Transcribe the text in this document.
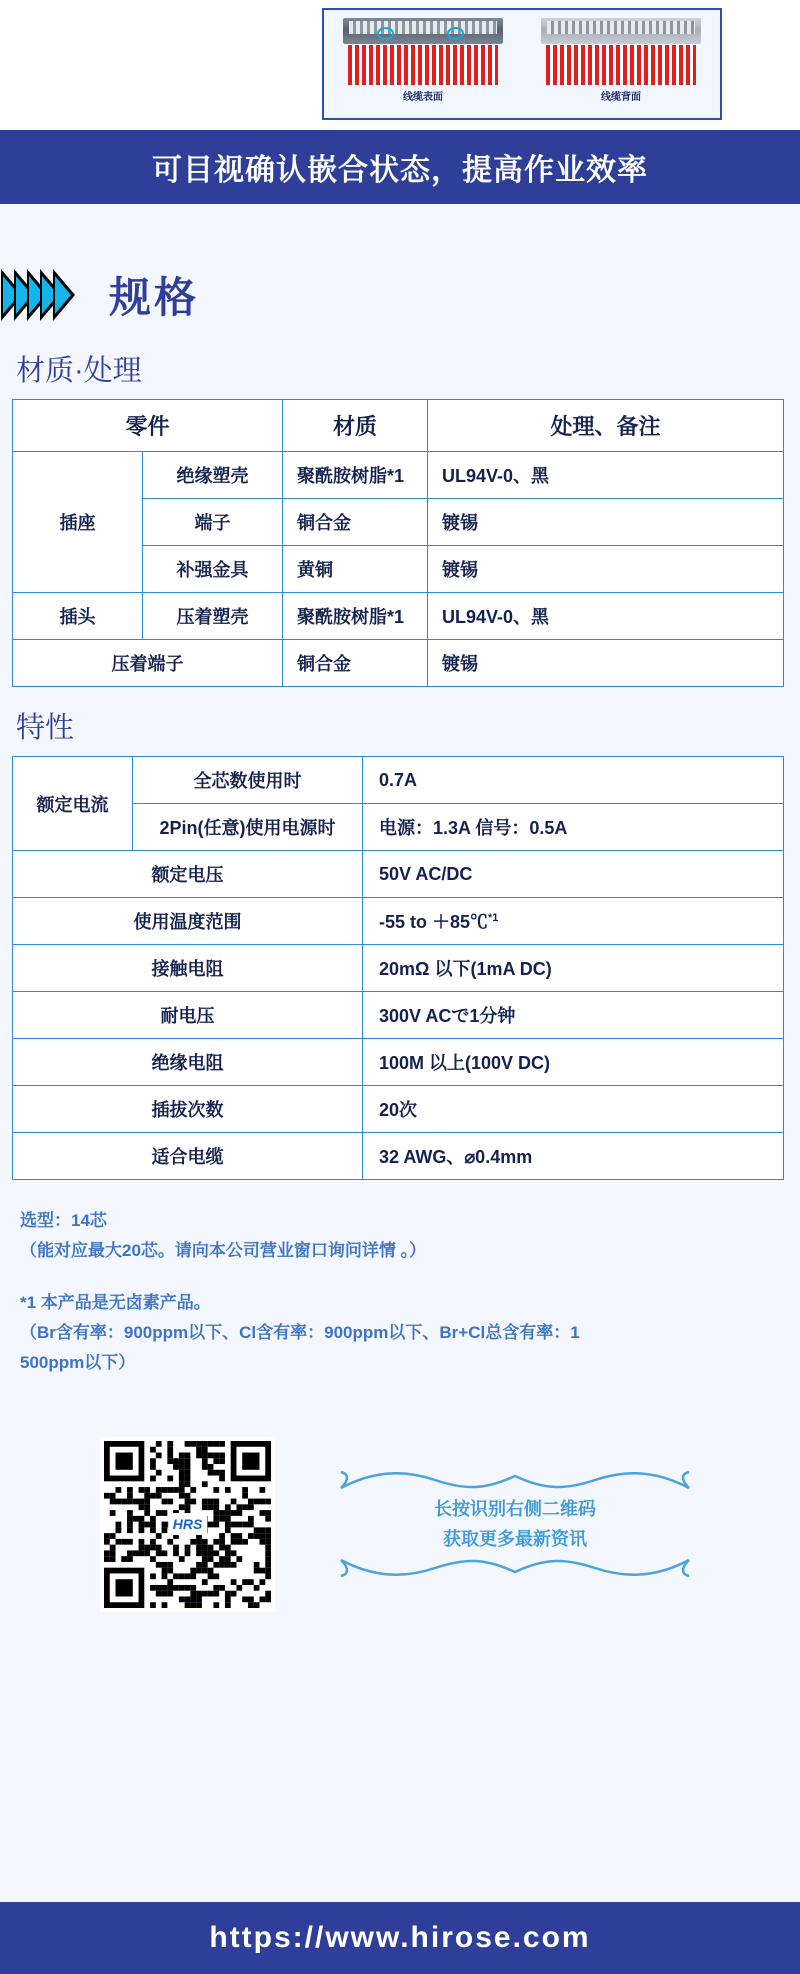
线缆表面	线缆背面
可目视确认嵌合状态，提高作业效率
规格
材质·处理
零件		材质	处理、备注
插座	绝缘塑壳	聚酰胺树脂*1	UL94V-0、黑
	端子	铜合金	镀锡
	补强金具	黄铜	镀锡
插头	压着塑壳	聚酰胺树脂*1	UL94V-0、黑
压着端子		铜合金	镀锡
特性
额定电流	全芯数使用时	0.7A
	2Pin(任意)使用电源时	电源：1.3A 信号：0.5A
额定电压		50V AC/DC
使用温度范围		-55 to ＋85℃$^{*1}$
接触电阻		20mΩ 以下(1mA DC)
耐电压		300V ACで1分钟
绝缘电阻		100M 以上(100V DC)
插拔次数		20次
适合电缆		32 AWG、⌀0.4mm
选型：14芯
（能对应最大20芯。请向本公司营业窗口询问详情 。）
*1 本产品是无卤素产品。
（Br含有率：900ppm以下、Cl含有率：900ppm以下、Br+Cl总含有率：1
500ppm以下）
HRS
长按识别右侧二维码
获取更多最新资讯
https://www.hirose.com
